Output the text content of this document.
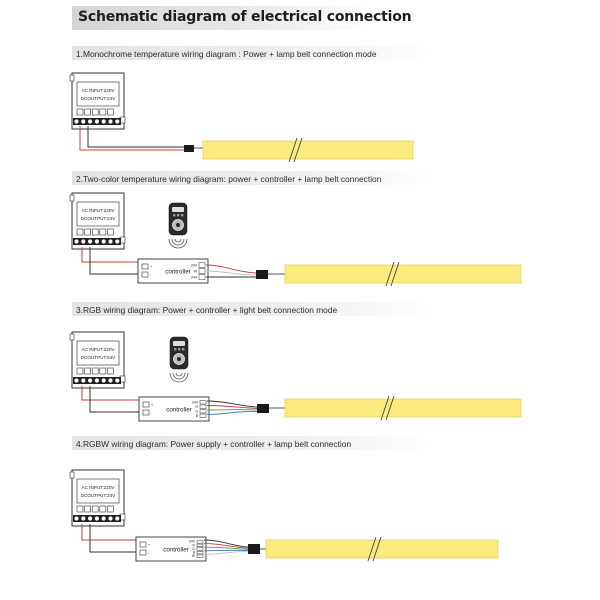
Schematic diagram of electrical connection
1.Monochrome temperature wiring diagram : Power + lamp belt connection mode
2.Two-color temperature wiring diagram: power + controller + lamp belt connection
3.RGB wiring diagram: Power + controller + light belt connection mode
4.RGBW wiring diagram: Power supply + controller + lamp belt connection
AC INPUT:220V
DCOUTPUT:24V
AC INPUT:220V
DCOUTPUT:24V
controller
+
-
24V
W
24V
AC INPUT:220V
DCOUTPUT:24V
controller
+
-
24V
R
G
B
AC INPUT:220V
DCOUTPUT:24V
controller
+
-
24V
R
G
B
W
